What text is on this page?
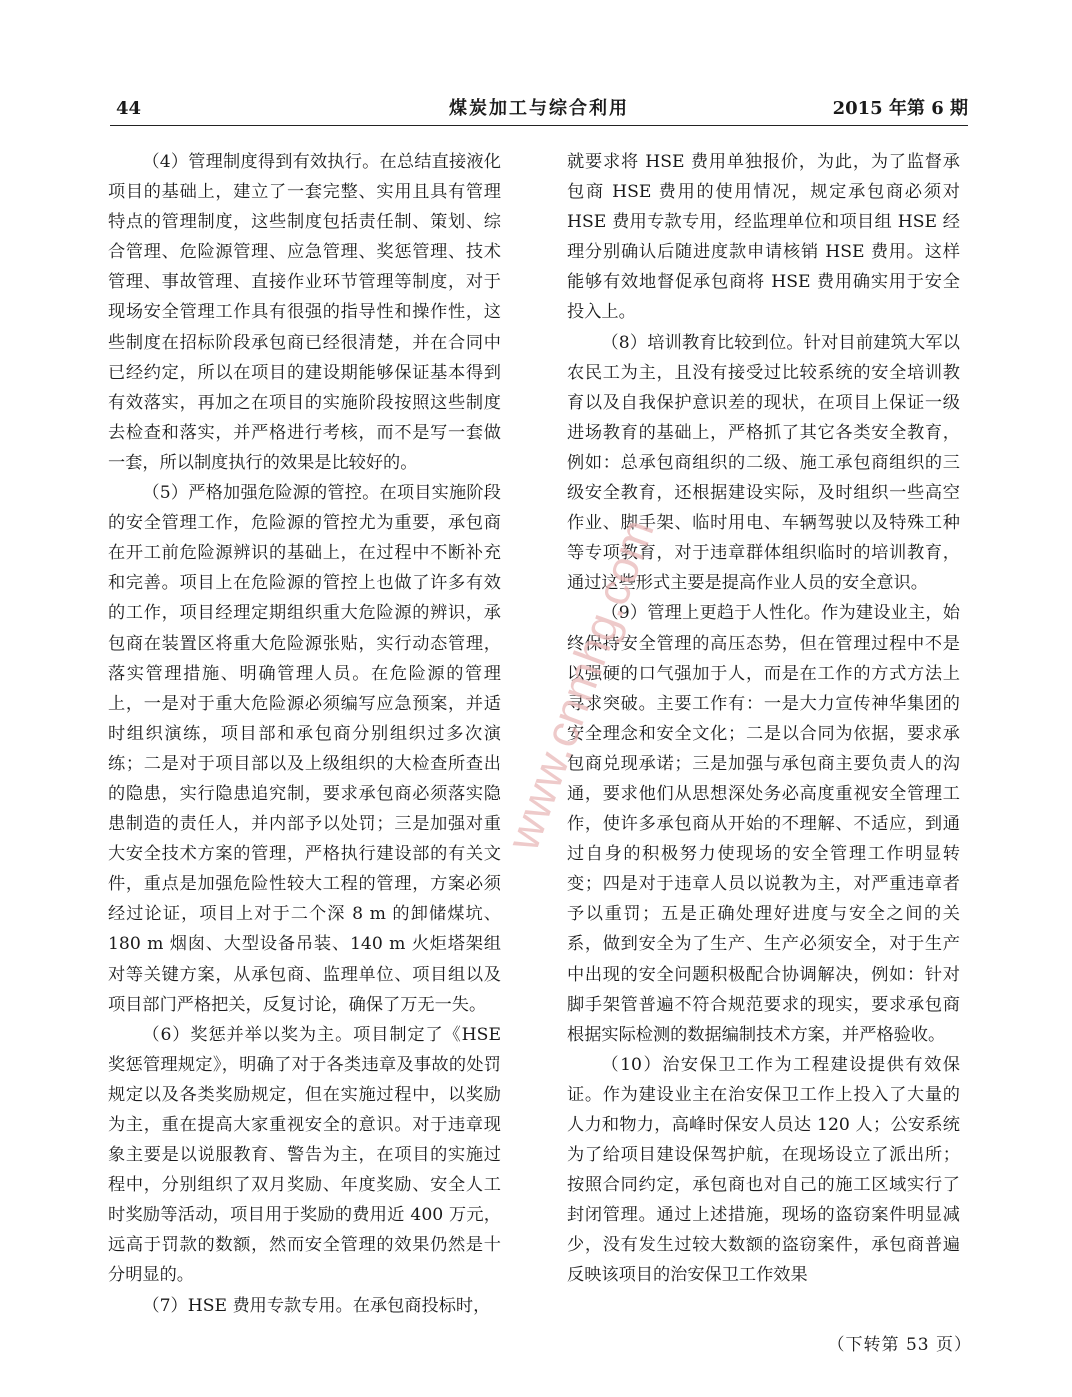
44	煤炭加工与综合利用	2015 年第 6 期

（4）管理制度得到有效执行。在总结直接液化项目的基础上，建立了一套完整、实用且具有管理特点的管理制度，这些制度包括责任制、策划、综合管理、危险源管理、应急管理、奖惩管理、技术管理、事故管理、直接作业环节管理等制度，对于现场安全管理工作具有很强的指导性和操作性，这些制度在招标阶段承包商已经很清楚，并在合同中已经约定，所以在项目的建设期能够保证基本得到有效落实，再加之在项目的实施阶段按照这些制度去检查和落实，并严格进行考核，而不是写一套做一套，所以制度执行的效果是比较好的。

（5）严格加强危险源的管控。在项目实施阶段的安全管理工作，危险源的管控尤为重要，承包商在开工前危险源辨识的基础上，在过程中不断补充和完善。项目上在危险源的管控上也做了许多有效的工作，项目经理定期组织重大危险源的辨识，承包商在装置区将重大危险源张贴，实行动态管理，落实管理措施、明确管理人员。在危险源的管理上，一是对于重大危险源必须编写应急预案，并适时组织演练，项目部和承包商分别组织过多次演练；二是对于项目部以及上级组织的大检查所查出的隐患，实行隐患追究制，要求承包商必须落实隐患制造的责任人，并内部予以处罚；三是加强对重大安全技术方案的管理，严格执行建设部的有关文件，重点是加强危险性较大工程的管理，方案必须经过论证，项目上对于二个深 8 m 的卸储煤坑、180 m 烟囱、大型设备吊装、140 m 火炬塔架组对等关键方案，从承包商、监理单位、项目组以及项目部门严格把关，反复讨论，确保了万无一失。

（6）奖惩并举以奖为主。项目制定了《HSE 奖惩管理规定》，明确了对于各类违章及事故的处罚规定以及各类奖励规定，但在实施过程中，以奖励为主，重在提高大家重视安全的意识。对于违章现象主要是以说服教育、警告为主，在项目的实施过程中，分别组织了双月奖励、年度奖励、安全人工时奖励等活动，项目用于奖励的费用近 400 万元，远高于罚款的数额，然而安全管理的效果仍然是十分明显的。

（7）HSE 费用专款专用。在承包商投标时，

就要求将 HSE 费用单独报价，为此，为了监督承包商 HSE 费用的使用情况，规定承包商必须对 HSE 费用专款专用，经监理单位和项目组 HSE 经理分别确认后随进度款申请核销 HSE 费用。这样能够有效地督促承包商将 HSE 费用确实用于安全投入上。

（8）培训教育比较到位。针对目前建筑大军以农民工为主，且没有接受过比较系统的安全培训教育以及自我保护意识差的现状，在项目上保证一级进场教育的基础上，严格抓了其它各类安全教育，例如：总承包商组织的二级、施工承包商组织的三级安全教育，还根据建设实际，及时组织一些高空作业、脚手架、临时用电、车辆驾驶以及特殊工种等专项教育，对于违章群体组织临时的培训教育，通过这些形式主要是提高作业人员的安全意识。

（9）管理上更趋于人性化。作为建设业主，始终保持安全管理的高压态势，但在管理过程中不是以强硬的口气强加于人，而是在工作的方式方法上寻求突破。主要工作有：一是大力宣传神华集团的安全理念和安全文化；二是以合同为依据，要求承包商兑现承诺；三是加强与承包商主要负责人的沟通，要求他们从思想深处务必高度重视安全管理工作，使许多承包商从开始的不理解、不适应，到通过自身的积极努力使现场的安全管理工作明显转变；四是对于违章人员以说教为主，对严重违章者予以重罚；五是正确处理好进度与安全之间的关系，做到安全为了生产、生产必须安全，对于生产中出现的安全问题积极配合协调解决，例如：针对脚手架管普遍不符合规范要求的现实，要求承包商根据实际检测的数据编制技术方案，并严格验收。

（10）治安保卫工作为工程建设提供有效保证。作为建设业主在治安保卫工作上投入了大量的人力和物力，高峰时保安人员达 120 人；公安系统为了给项目建设保驾护航，在现场设立了派出所；按照合同约定，承包商也对自己的施工区域实行了封闭管理。通过上述措施，现场的盗窃案件明显减少，没有发生过较大数额的盗窃案件，承包商普遍反映该项目的治安保卫工作效果

（下转第 53 页）
www.cnmhg.com
